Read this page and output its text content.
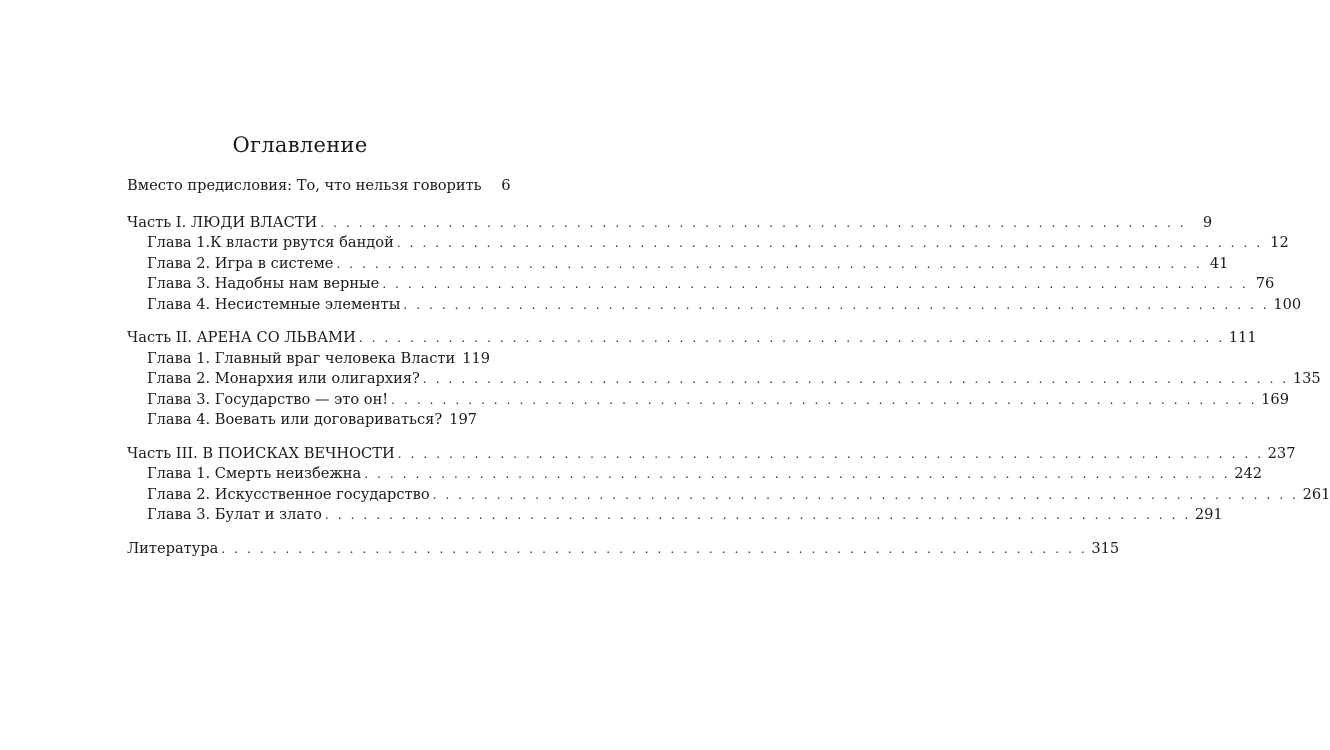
Оглавление
Вместо предисловия: То, что нельзя говорить	6
Часть I. ЛЮДИ ВЛАСТИ . . . . . . . . . . . . . . . . . . . . . . . . . . . . . . . . . . . . . . . . . . . . . . . . . . . . . . . . . . . . . . . . . . . .	9
Глава 1.К власти рвутся бандой . . . . . . . . . . . . . . . . . . . . . . . . . . . . . . . . . . . . . . . . . . . . . . . . . . . . . . . . . . . . . . . . . . . . 12
Глава 2. Игра в системе . . . . . . . . . . . . . . . . . . . . . . . . . . . . . . . . . . . . . . . . . . . . . . . . . . . . . . . . . . . . . . . . . . . . 41
Глава 3. Надобны нам верные . . . . . . . . . . . . . . . . . . . . . . . . . . . . . . . . . . . . . . . . . . . . . . . . . . . . . . . . . . . . . . . . . . . . 76
Глава 4. Несистемные элементы . . . . . . . . . . . . . . . . . . . . . . . . . . . . . . . . . . . . . . . . . . . . . . . . . . . . . . . . . . . . . . . . . . . . 100
Часть II. АРЕНА СО ЛЬВАМИ . . . . . . . . . . . . . . . . . . . . . . . . . . . . . . . . . . . . . . . . . . . . . . . . . . . . . . . . . . . . . . . . . . . . 111
Глава 1. Главный враг человека Власти 119
Глава 2. Монархия или олигархия? . . . . . . . . . . . . . . . . . . . . . . . . . . . . . . . . . . . . . . . . . . . . . . . . . . . . . . . . . . . . . . . . . . . . 135
Глава 3. Государство — это он! . . . . . . . . . . . . . . . . . . . . . . . . . . . . . . . . . . . . . . . . . . . . . . . . . . . . . . . . . . . . . . . . . . . . 169
Глава 4. Воевать или договариваться? 197
Часть III. В ПОИСКАХ ВЕЧНОСТИ . . . . . . . . . . . . . . . . . . . . . . . . . . . . . . . . . . . . . . . . . . . . . . . . . . . . . . . . . . . . . . . . . . . . 237
Глава 1. Смерть неизбежна . . . . . . . . . . . . . . . . . . . . . . . . . . . . . . . . . . . . . . . . . . . . . . . . . . . . . . . . . . . . . . . . . . . . 242
Глава 2. Искусственное государство . . . . . . . . . . . . . . . . . . . . . . . . . . . . . . . . . . . . . . . . . . . . . . . . . . . . . . . . . . . . . . . . . . . . 261
Глава 3. Булат и злато . . . . . . . . . . . . . . . . . . . . . . . . . . . . . . . . . . . . . . . . . . . . . . . . . . . . . . . . . . . . . . . . . . . . 291
Литература . . . . . . . . . . . . . . . . . . . . . . . . . . . . . . . . . . . . . . . . . . . . . . . . . . . . . . . . . . . . . . . . . . . . 315
